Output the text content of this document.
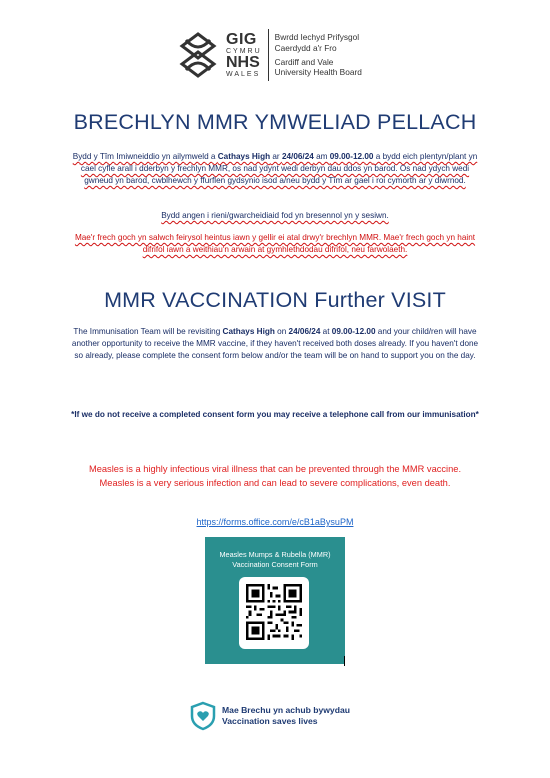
GIG
CYMRU
NHS
WALES
Bwrdd Iechyd Prifysgol
Caerdydd a'r Fro
Cardiff and Vale
University Health Board
BRECHLYN MMR YMWELIAD PELLACH
Bydd y Tîm Imiwneiddio yn ailymweld a Cathays High ar 24/06/24 am 09.00-12.00 a bydd eich plentyn/plant yn cael cyfle arall i dderbyn y frechlyn MMR, os nad ydynt wedi derbyn dau ddos yn barod. Os nad ydych wedi gwneud yn barod, cwblhewch y ffurflen gydsynio isod a/neu bydd y Tîm ar gael i roi cymorth ar y diwrnod.
Bydd angen i rieni/gwarcheidiaid fod yn bresennol yn y sesiwn.
Mae'r frech goch yn salwch feirysol heintus iawn y gellir ei atal drwy'r brechlyn MMR. Mae'r frech goch yn haint difrifol iawn a weithiau'n arwain at gymhlethdodau difrifol, neu farwolaeth.
MMR VACCINATION Further VISIT
The Immunisation Team will be revisiting Cathays High on 24/06/24 at 09.00-12.00 and your child/ren will have another opportunity to receive the MMR vaccine, if they haven't received both doses already. If you haven't done so already, please complete the consent form below and/or the team will be on hand to support you on the day.
*If we do not receive a completed consent form you may receive a telephone call from our immunisation*
Measles is a highly infectious viral illness that can be prevented through the MMR vaccine.
Measles is a very serious infection and can lead to severe complications, even death.
https://forms.office.com/e/cB1aBysuPM
Measles Mumps & Rubella (MMR)
Vaccination Consent Form
Mae Brechu yn achub bywydau
Vaccination saves lives
